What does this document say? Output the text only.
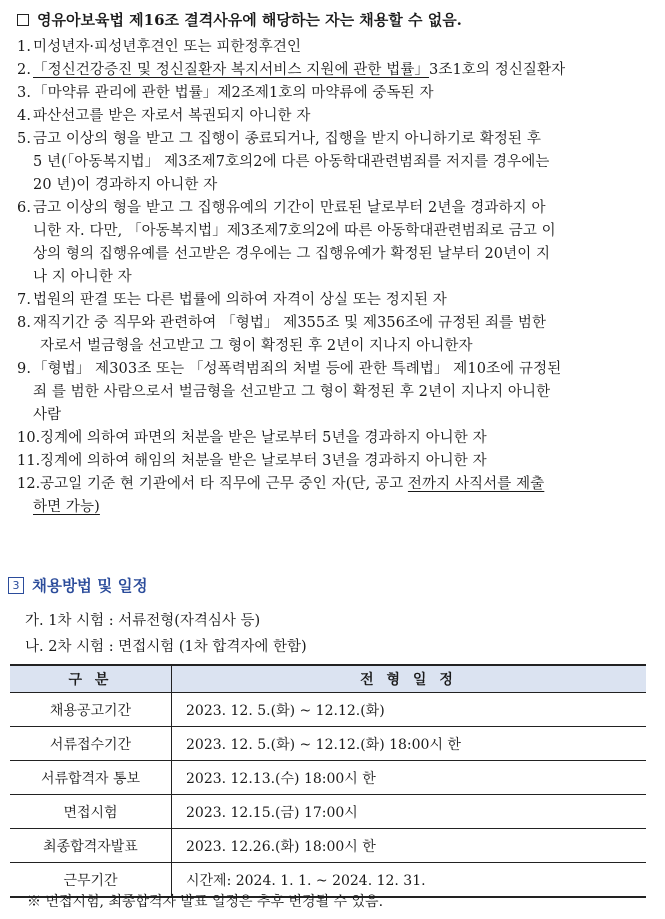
영유아보육법 제16조 결격사유에 해당하는 자는 채용할 수 없음.
1. 미성년자·피성년후견인 또는 피한정후견인
2. 「정신건강증진 및 정신질환자 복지서비스 지원에 관한 법률」3조1호의 정신질환자
3. 「마약류 관리에 관한 법률」제2조제1호의 마약류에 중독된 자
4. 파산선고를 받은 자로서 복권되지 아니한 자
5. 금고 이상의 형을 받고 그 집행이 종료되거나, 집행을 받지 아니하기로 확정된 후
5 년(「아동복지법」 제3조제7호의2에 다른 아동학대관련범죄를 저지를 경우에는
20 년)이 경과하지 아니한 자
6. 금고 이상의 형을 받고 그 집행유예의 기간이 만료된 날로부터 2년을 경과하지 아
니한 자. 다만, 「아동복지법」제3조제7호의2에 따른 아동학대관련범죄로 금고 이
상의 형의 집행유예를 선고받은 경우에는 그 집행유예가 확정된 날부터 20년이 지
나 지 아니한 자
7. 법원의 판결 또는 다른 법률에 의하여 자격이 상실 또는 정지된 자
8. 재직기간 중 직무와 관련하여 「형법」 제355조 및 제356조에 규정된 죄를 범한
자로서 벌금형을 선고받고 그 형이 확정된 후 2년이 지나지 아니한자
9. 「형법」 제303조 또는 「성폭력범죄의 처벌 등에 관한 특례법」 제10조에 규정된
죄 를 범한 사람으로서 벌금형을 선고받고 그 형이 확정된 후 2년이 지나지 아니한
사람
10. 징계에 의하여 파면의 처분을 받은 날로부터 5년을 경과하지 아니한 자
11. 징계에 의하여 해임의 처분을 받은 날로부터 3년을 경과하지 아니한 자
12. 공고일 기준 현 기관에서 타 직무에 근무 중인 자(단, 공고 전까지 사직서를 제출
하면 가능)
3 채용방법 및 일정
가. 1차 시험 : 서류전형(자격심사 등)
나. 2차 시험 : 면접시험 (1차 합격자에 한함)
구 분	전 형 일 정
채용공고기간	2023. 12. 5.(화) ~ 12.12.(화)
서류접수기간	2023. 12. 5.(화) ~ 12.12.(화) 18:00시 한
서류합격자 통보	2023. 12.13.(수) 18:00시 한
면접시험	2023. 12.15.(금) 17:00시
최종합격자발표	2023. 12.26.(화) 18:00시 한
근무기간	시간제: 2024. 1. 1. ~ 2024. 12. 31.
※ 면접시험, 최종합격자 발표 일정은 추후 변경될 수 있음.
